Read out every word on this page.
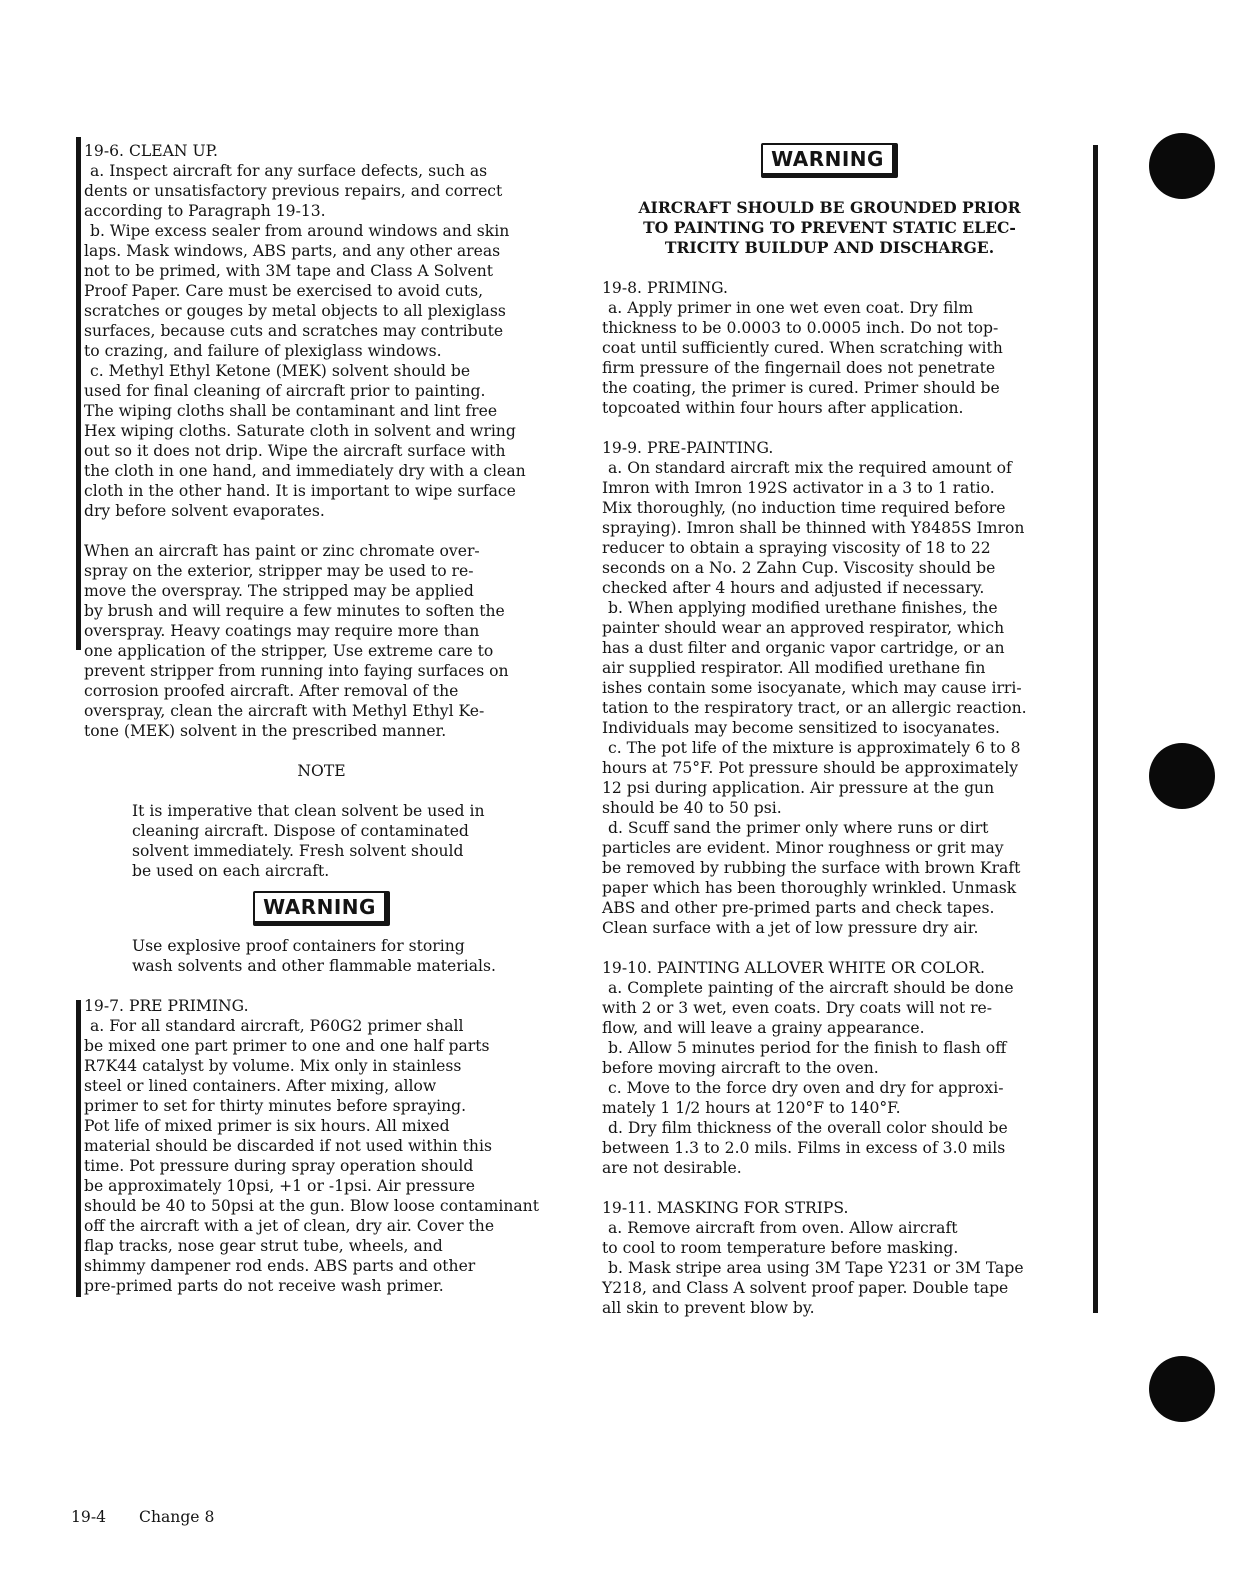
19-6. CLEAN UP.
a. Inspect aircraft for any surface defects, such as
dents or unsatisfactory previous repairs, and correct
according to Paragraph 19-13.
b. Wipe excess sealer from around windows and skin
laps. Mask windows, ABS parts, and any other areas
not to be primed, with 3M tape and Class A Solvent
Proof Paper. Care must be exercised to avoid cuts,
scratches or gouges by metal objects to all plexiglass
surfaces, because cuts and scratches may contribute
to crazing, and failure of plexiglass windows.
c. Methyl Ethyl Ketone (MEK) solvent should be
used for final cleaning of aircraft prior to painting.
The wiping cloths shall be contaminant and lint free
Hex wiping cloths. Saturate cloth in solvent and wring
out so it does not drip. Wipe the aircraft surface with
the cloth in one hand, and immediately dry with a clean
cloth in the other hand. It is important to wipe surface
dry before solvent evaporates.
When an aircraft has paint or zinc chromate over-
spray on the exterior, stripper may be used to re-
move the overspray. The stripped may be applied
by brush and will require a few minutes to soften the
overspray. Heavy coatings may require more than
one application of the stripper, Use extreme care to
prevent stripper from running into faying surfaces on
corrosion proofed aircraft. After removal of the
overspray, clean the aircraft with Methyl Ethyl Ke-
tone (MEK) solvent in the prescribed manner.
NOTE
It is imperative that clean solvent be used in
cleaning aircraft. Dispose of contaminated
solvent immediately. Fresh solvent should
be used on each aircraft.
WARNING
Use explosive proof containers for storing
wash solvents and other flammable materials.
19-7. PRE PRIMING.
a. For all standard aircraft, P60G2 primer shall
be mixed one part primer to one and one half parts
R7K44 catalyst by volume. Mix only in stainless
steel or lined containers. After mixing, allow
primer to set for thirty minutes before spraying.
Pot life of mixed primer is six hours. All mixed
material should be discarded if not used within this
time. Pot pressure during spray operation should
be approximately 10psi, +1 or -1psi. Air pressure
should be 40 to 50psi at the gun. Blow loose contaminant
off the aircraft with a jet of clean, dry air. Cover the
flap tracks, nose gear strut tube, wheels, and
shimmy dampener rod ends. ABS parts and other
pre-primed parts do not receive wash primer.
WARNING
AIRCRAFT SHOULD BE GROUNDED PRIOR
TO PAINTING TO PREVENT STATIC ELEC-
TRICITY BUILDUP AND DISCHARGE.
19-8. PRIMING.
a. Apply primer in one wet even coat. Dry film
thickness to be 0.0003 to 0.0005 inch. Do not top-
coat until sufficiently cured. When scratching with
firm pressure of the fingernail does not penetrate
the coating, the primer is cured. Primer should be
topcoated within four hours after application.
19-9. PRE-PAINTING.
a. On standard aircraft mix the required amount of
Imron with Imron 192S activator in a 3 to 1 ratio.
Mix thoroughly, (no induction time required before
spraying). Imron shall be thinned with Y8485S Imron
reducer to obtain a spraying viscosity of 18 to 22
seconds on a No. 2 Zahn Cup. Viscosity should be
checked after 4 hours and adjusted if necessary.
b. When applying modified urethane finishes, the
painter should wear an approved respirator, which
has a dust filter and organic vapor cartridge, or an
air supplied respirator. All modified urethane fin
ishes contain some isocyanate, which may cause irri-
tation to the respiratory tract, or an allergic reaction.
Individuals may become sensitized to isocyanates.
c. The pot life of the mixture is approximately 6 to 8
hours at 75°F. Pot pressure should be approximately
12 psi during application. Air pressure at the gun
should be 40 to 50 psi.
d. Scuff sand the primer only where runs or dirt
particles are evident. Minor roughness or grit may
be removed by rubbing the surface with brown Kraft
paper which has been thoroughly wrinkled. Unmask
ABS and other pre-primed parts and check tapes.
Clean surface with a jet of low pressure dry air.
19-10. PAINTING ALLOVER WHITE OR COLOR.
a. Complete painting of the aircraft should be done
with 2 or 3 wet, even coats. Dry coats will not re-
flow, and will leave a grainy appearance.
b. Allow 5 minutes period for the finish to flash off
before moving aircraft to the oven.
c. Move to the force dry oven and dry for approxi-
mately 1 1/2 hours at 120°F to 140°F.
d. Dry film thickness of the overall color should be
between 1.3 to 2.0 mils. Films in excess of 3.0 mils
are not desirable.
19-11. MASKING FOR STRIPS.
a. Remove aircraft from oven. Allow aircraft
to cool to room temperature before masking.
b. Mask stripe area using 3M Tape Y231 or 3M Tape
Y218, and Class A solvent proof paper. Double tape
all skin to prevent blow by.
19-4 Change 8
